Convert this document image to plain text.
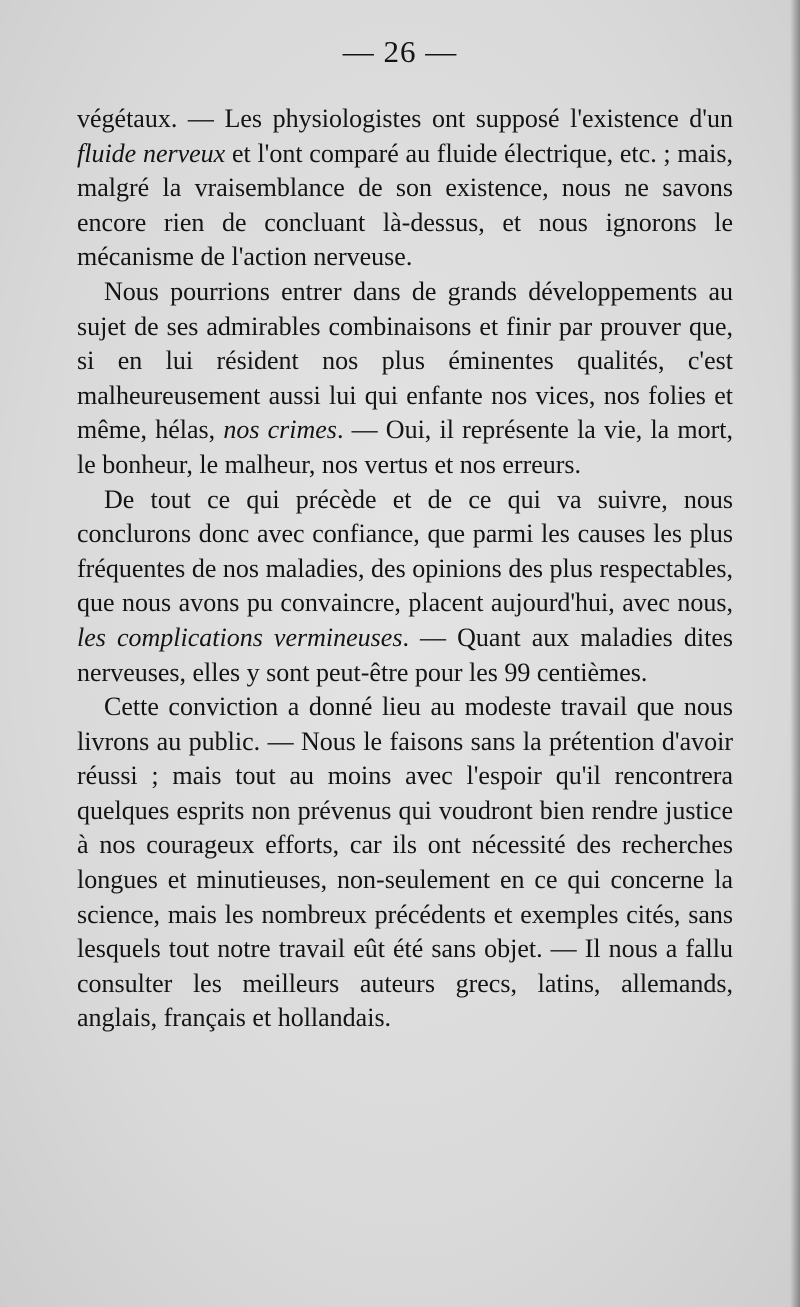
— 26 —

végétaux. — Les physiologistes ont supposé l'existence d'un fluide nerveux et l'ont comparé au fluide électrique, etc. ; mais, malgré la vraisemblance de son existence, nous ne savons encore rien de concluant là-dessus, et nous ignorons le mécanisme de l'action nerveuse.

Nous pourrions entrer dans de grands développements au sujet de ses admirables combinaisons et finir par prouver que, si en lui résident nos plus éminentes qualités, c'est malheureusement aussi lui qui enfante nos vices, nos folies et même, hélas, nos crimes. — Oui, il représente la vie, la mort, le bonheur, le malheur, nos vertus et nos erreurs.

De tout ce qui précède et de ce qui va suivre, nous conclurons donc avec confiance, que parmi les causes les plus fréquentes de nos maladies, des opinions des plus respectables, que nous avons pu convaincre, placent aujourd'hui, avec nous, les complications vermineuses. — Quant aux maladies dites nerveuses, elles y sont peut-être pour les 99 centièmes.

Cette conviction a donné lieu au modeste travail que nous livrons au public. — Nous le faisons sans la prétention d'avoir réussi ; mais tout au moins avec l'espoir qu'il rencontrera quelques esprits non prévenus qui voudront bien rendre justice à nos courageux efforts, car ils ont nécessité des recherches longues et minutieuses, non-seulement en ce qui concerne la science, mais les nombreux précédents et exemples cités, sans lesquels tout notre travail eût été sans objet. — Il nous a fallu consulter les meilleurs auteurs grecs, latins, allemands, anglais, français et hollandais.
